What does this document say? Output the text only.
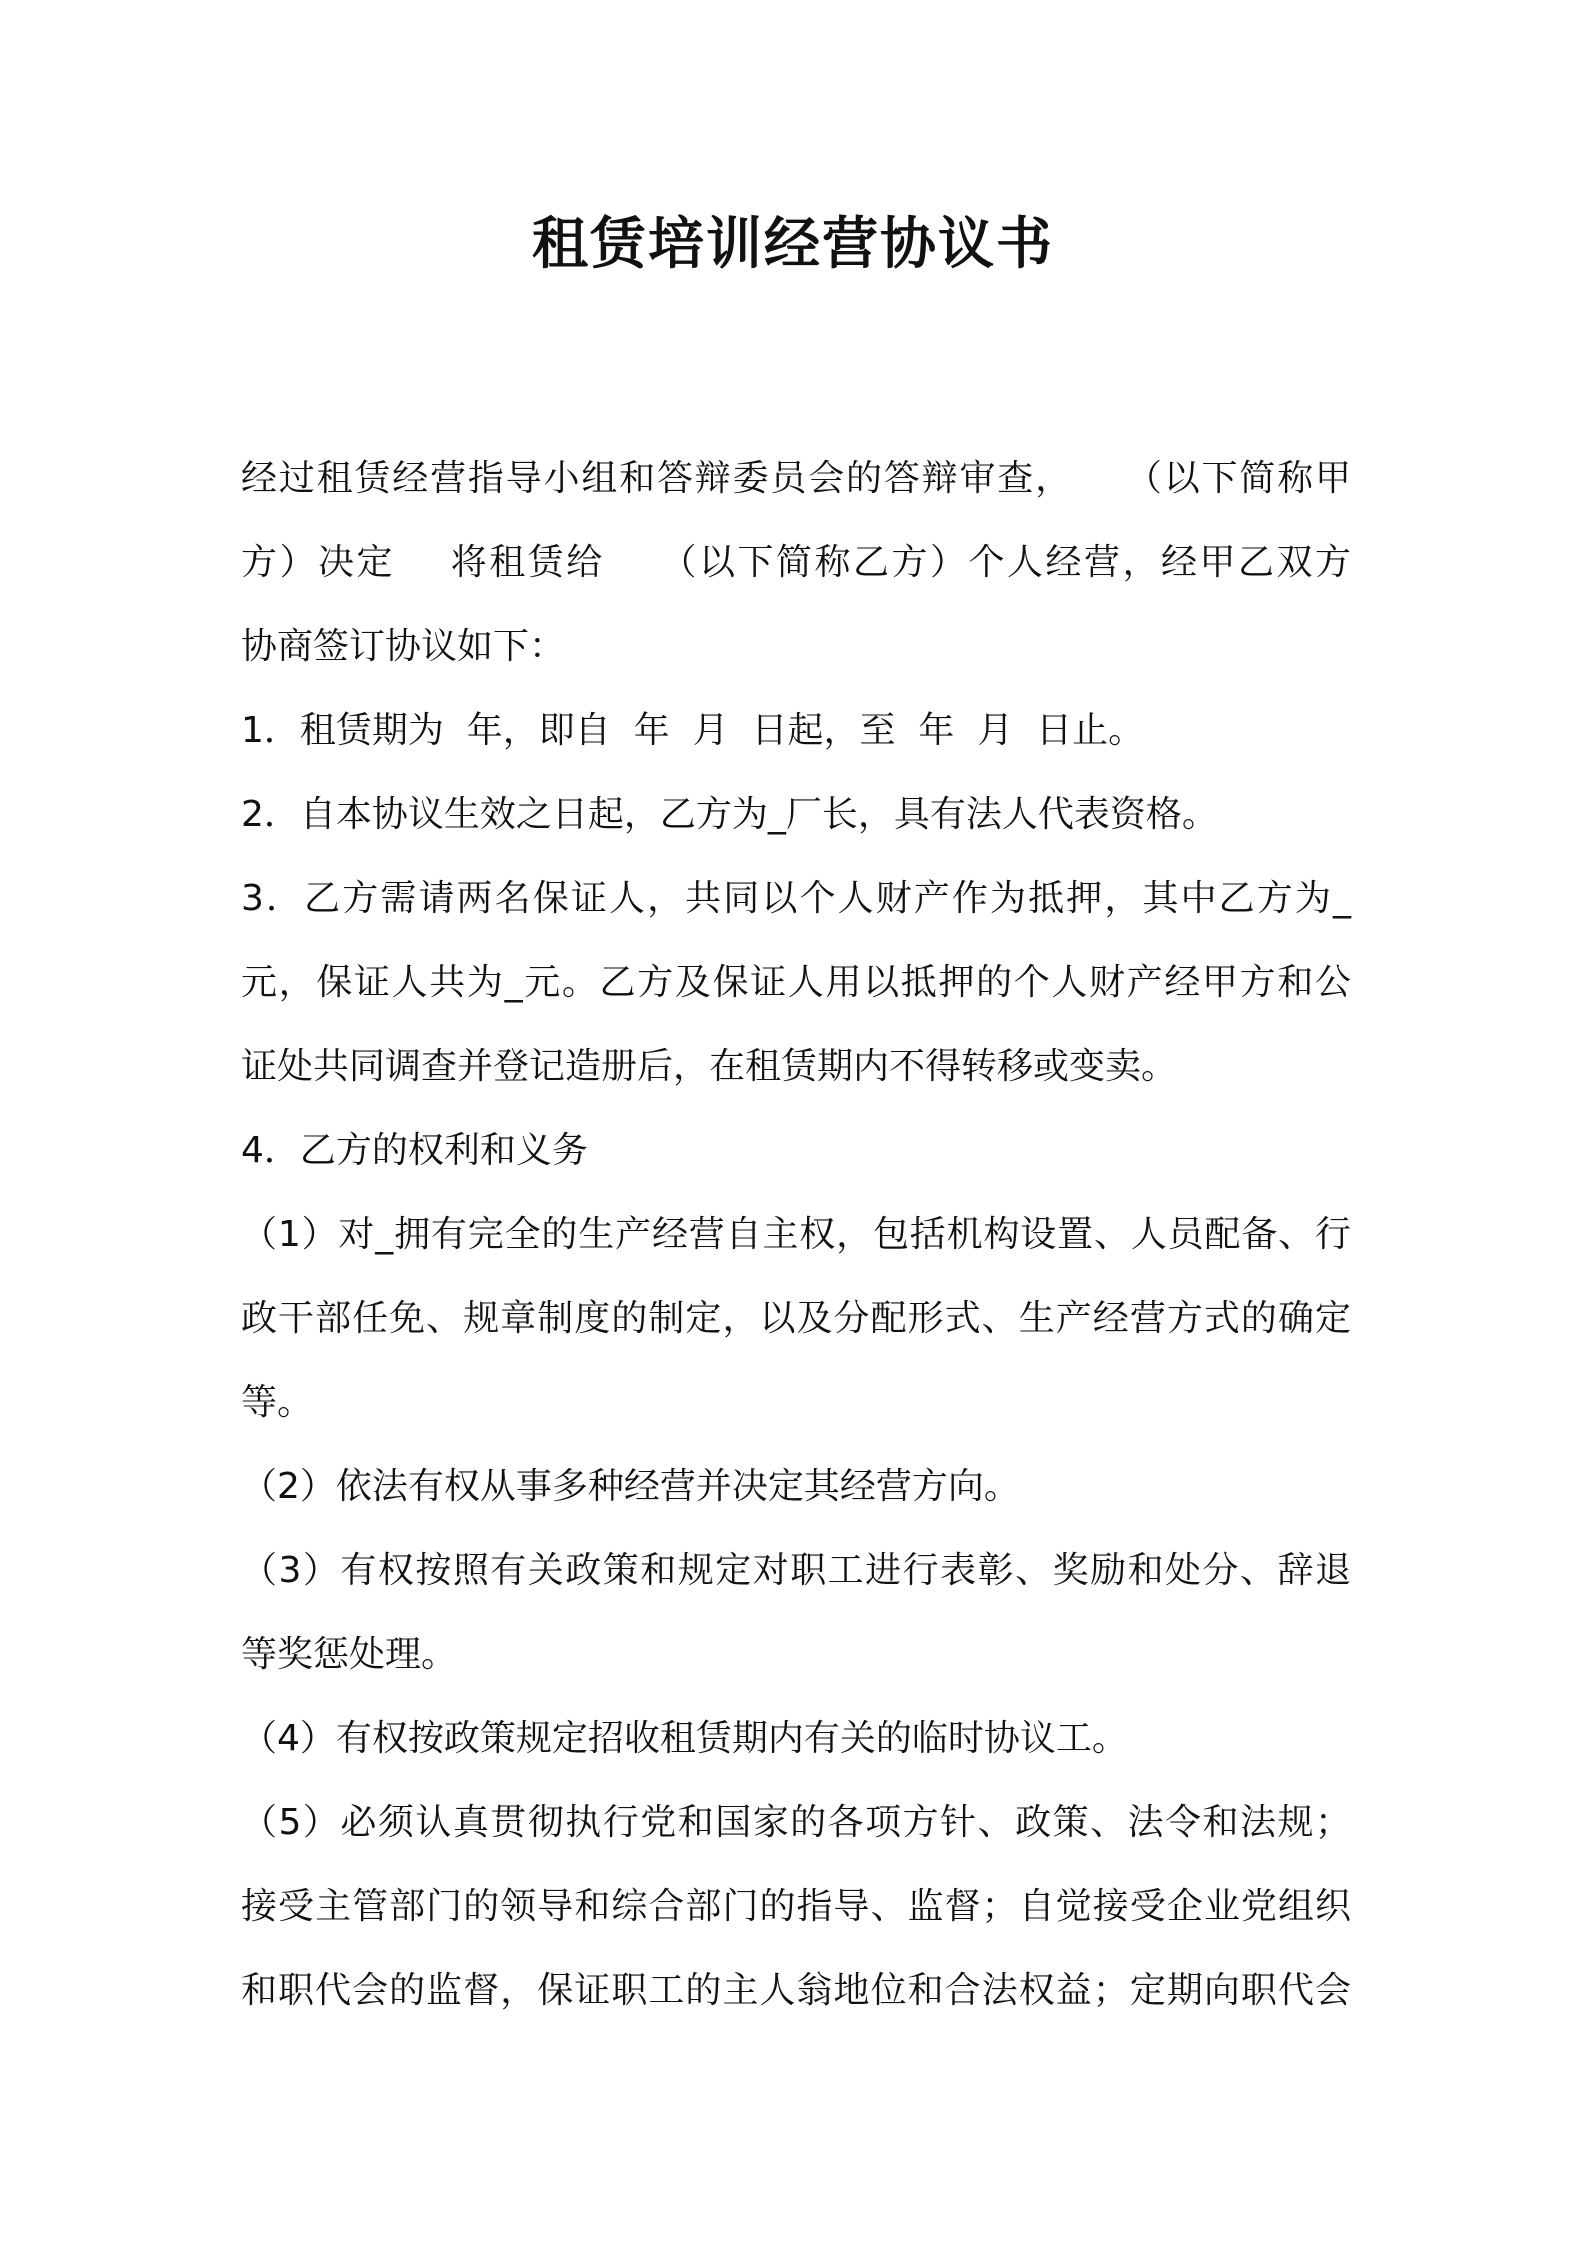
租赁培训经营协议书
经过租赁经营指导小组和答辩委员会的答辩审查，    （以下简称甲
方）决定    将租赁给    （以下简称乙方）个人经营，经甲乙双方
协商签订协议如下：
1．租赁期为  年，即自  年  月  日起，至  年  月  日止。
2．自本协议生效之日起，乙方为_厂长，具有法人代表资格。
3．乙方需请两名保证人，共同以个人财产作为抵押，其中乙方为_
元，保证人共为_元。乙方及保证人用以抵押的个人财产经甲方和公
证处共同调查并登记造册后，在租赁期内不得转移或变卖。
4．乙方的权利和义务
（1）对_拥有完全的生产经营自主权，包括机构设置、人员配备、行
政干部任免、规章制度的制定，以及分配形式、生产经营方式的确定
等。
（2）依法有权从事多种经营并决定其经营方向。
（3）有权按照有关政策和规定对职工进行表彰、奖励和处分、辞退
等奖惩处理。
（4）有权按政策规定招收租赁期内有关的临时协议工。
（5）必须认真贯彻执行党和国家的各项方针、政策、法令和法规；
接受主管部门的领导和综合部门的指导、监督；自觉接受企业党组织
和职代会的监督，保证职工的主人翁地位和合法权益；定期向职代会
